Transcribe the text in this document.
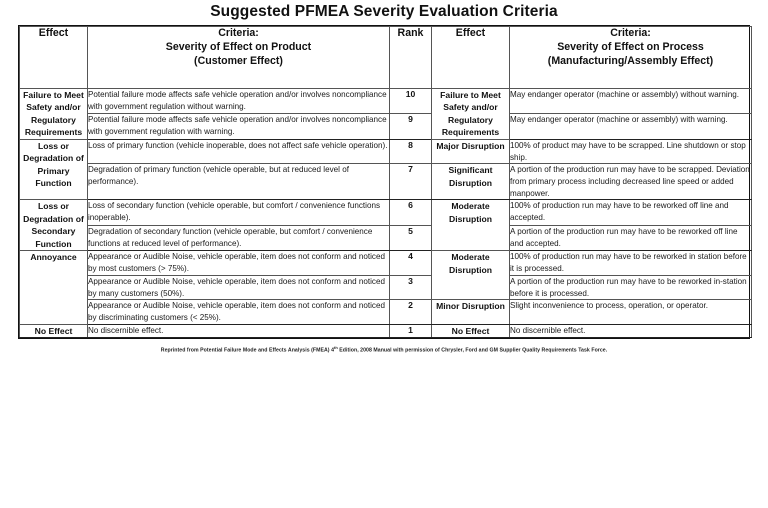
Suggested PFMEA Severity Evaluation Criteria
Effect	Criteria:
Severity of Effect on Product
(Customer Effect)
	Rank	Effect	Criteria:
Severity of Effect on Process
(Manufacturing/Assembly Effect)

Failure to Meet Safety and/or Regulatory Requirements	Potential failure mode affects safe vehicle operation and/or involves noncompliance with government regulation without warning.	10	Failure to Meet Safety and/or Regulatory Requirements	May endanger operator (machine or assembly) without warning.
	Potential failure mode affects safe vehicle operation and/or involves noncompliance with government regulation with warning.	9		May endanger operator (machine or assembly) with warning.
Loss or Degradation of Primary Function	Loss of primary function (vehicle inoperable, does not affect safe vehicle operation).	8	Major Disruption	100% of product may have to be scrapped. Line shutdown or stop ship.
	Degradation of primary function (vehicle operable, but at reduced level of performance).	7	Significant Disruption	A portion of the production run may have to be scrapped. Deviation from primary process including decreased line speed or added manpower.
Loss or Degradation of Secondary Function	Loss of secondary function (vehicle operable, but comfort / convenience functions inoperable).	6	Moderate Disruption	100% of production run may have to be reworked off line and accepted.
	Degradation of secondary function (vehicle operable, but comfort / convenience functions at reduced level of performance).	5		A portion of the production run may have to be reworked off line and accepted.
Annoyance	Appearance or Audible Noise, vehicle operable, item does not conform and noticed by most customers (> 75%).	4	Moderate Disruption	100% of production run may have to be reworked in station before it is processed.
	Appearance or Audible Noise, vehicle operable, item does not conform and noticed by many customers (50%).	3		A portion of the production run may have to be reworked in-station before it is processed.
	Appearance or Audible Noise, vehicle operable, item does not conform and noticed by discriminating customers (< 25%).	2	Minor Disruption	Slight inconvenience to process, operation, or operator.
No Effect	No discernible effect.	1	No Effect	No discernible effect.
Reprinted from Potential Failure Mode and Effects Analysis (FMEA) 4th Edition, 2008 Manual with permission of Chrysler, Ford and GM Supplier Quality Requirements Task Force.
